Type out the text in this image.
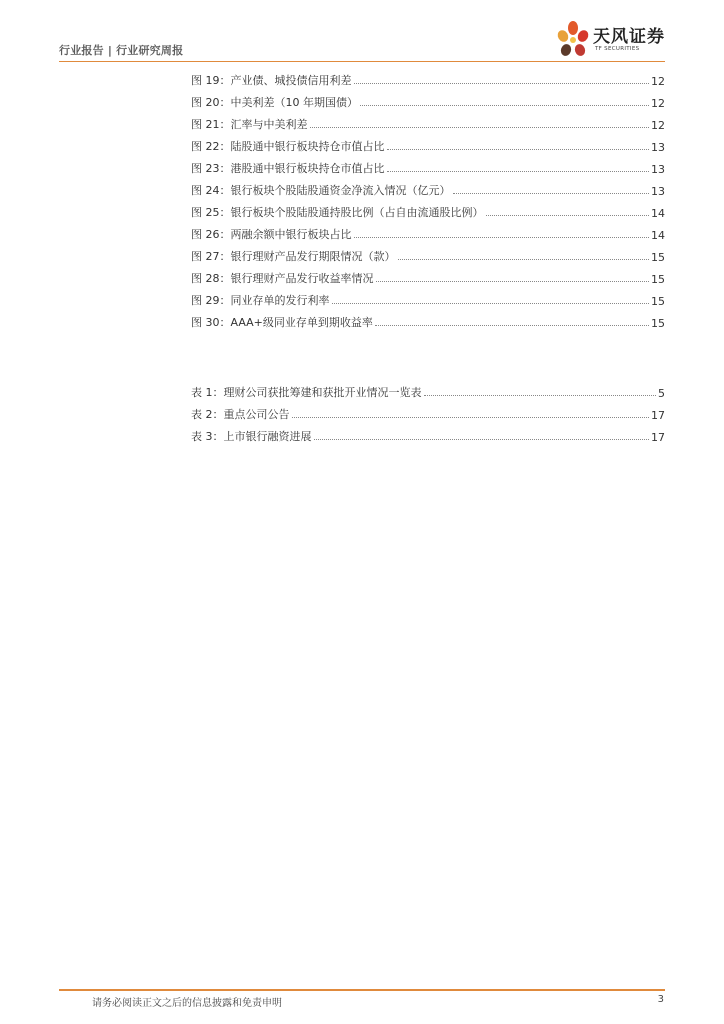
行业报告 | 行业研究周报
天风证券
TF SECURITIES
图 19：产业债、城投债信用利差	12
图 20：中美利差（10 年期国债）	12
图 21：汇率与中美利差	12
图 22：陆股通中银行板块持仓市值占比	13
图 23：港股通中银行板块持仓市值占比	13
图 24：银行板块个股陆股通资金净流入情况（亿元）	13
图 25：银行板块个股陆股通持股比例（占自由流通股比例）	14
图 26：两融余额中银行板块占比	14
图 27：银行理财产品发行期限情况（款）	15
图 28：银行理财产品发行收益率情况	15
图 29：同业存单的发行利率	15
图 30：AAA+级同业存单到期收益率	15
表 1：理财公司获批筹建和获批开业情况一览表	5
表 2：重点公司公告	17
表 3：上市银行融资进展	17
请务必阅读正文之后的信息披露和免责申明	3
